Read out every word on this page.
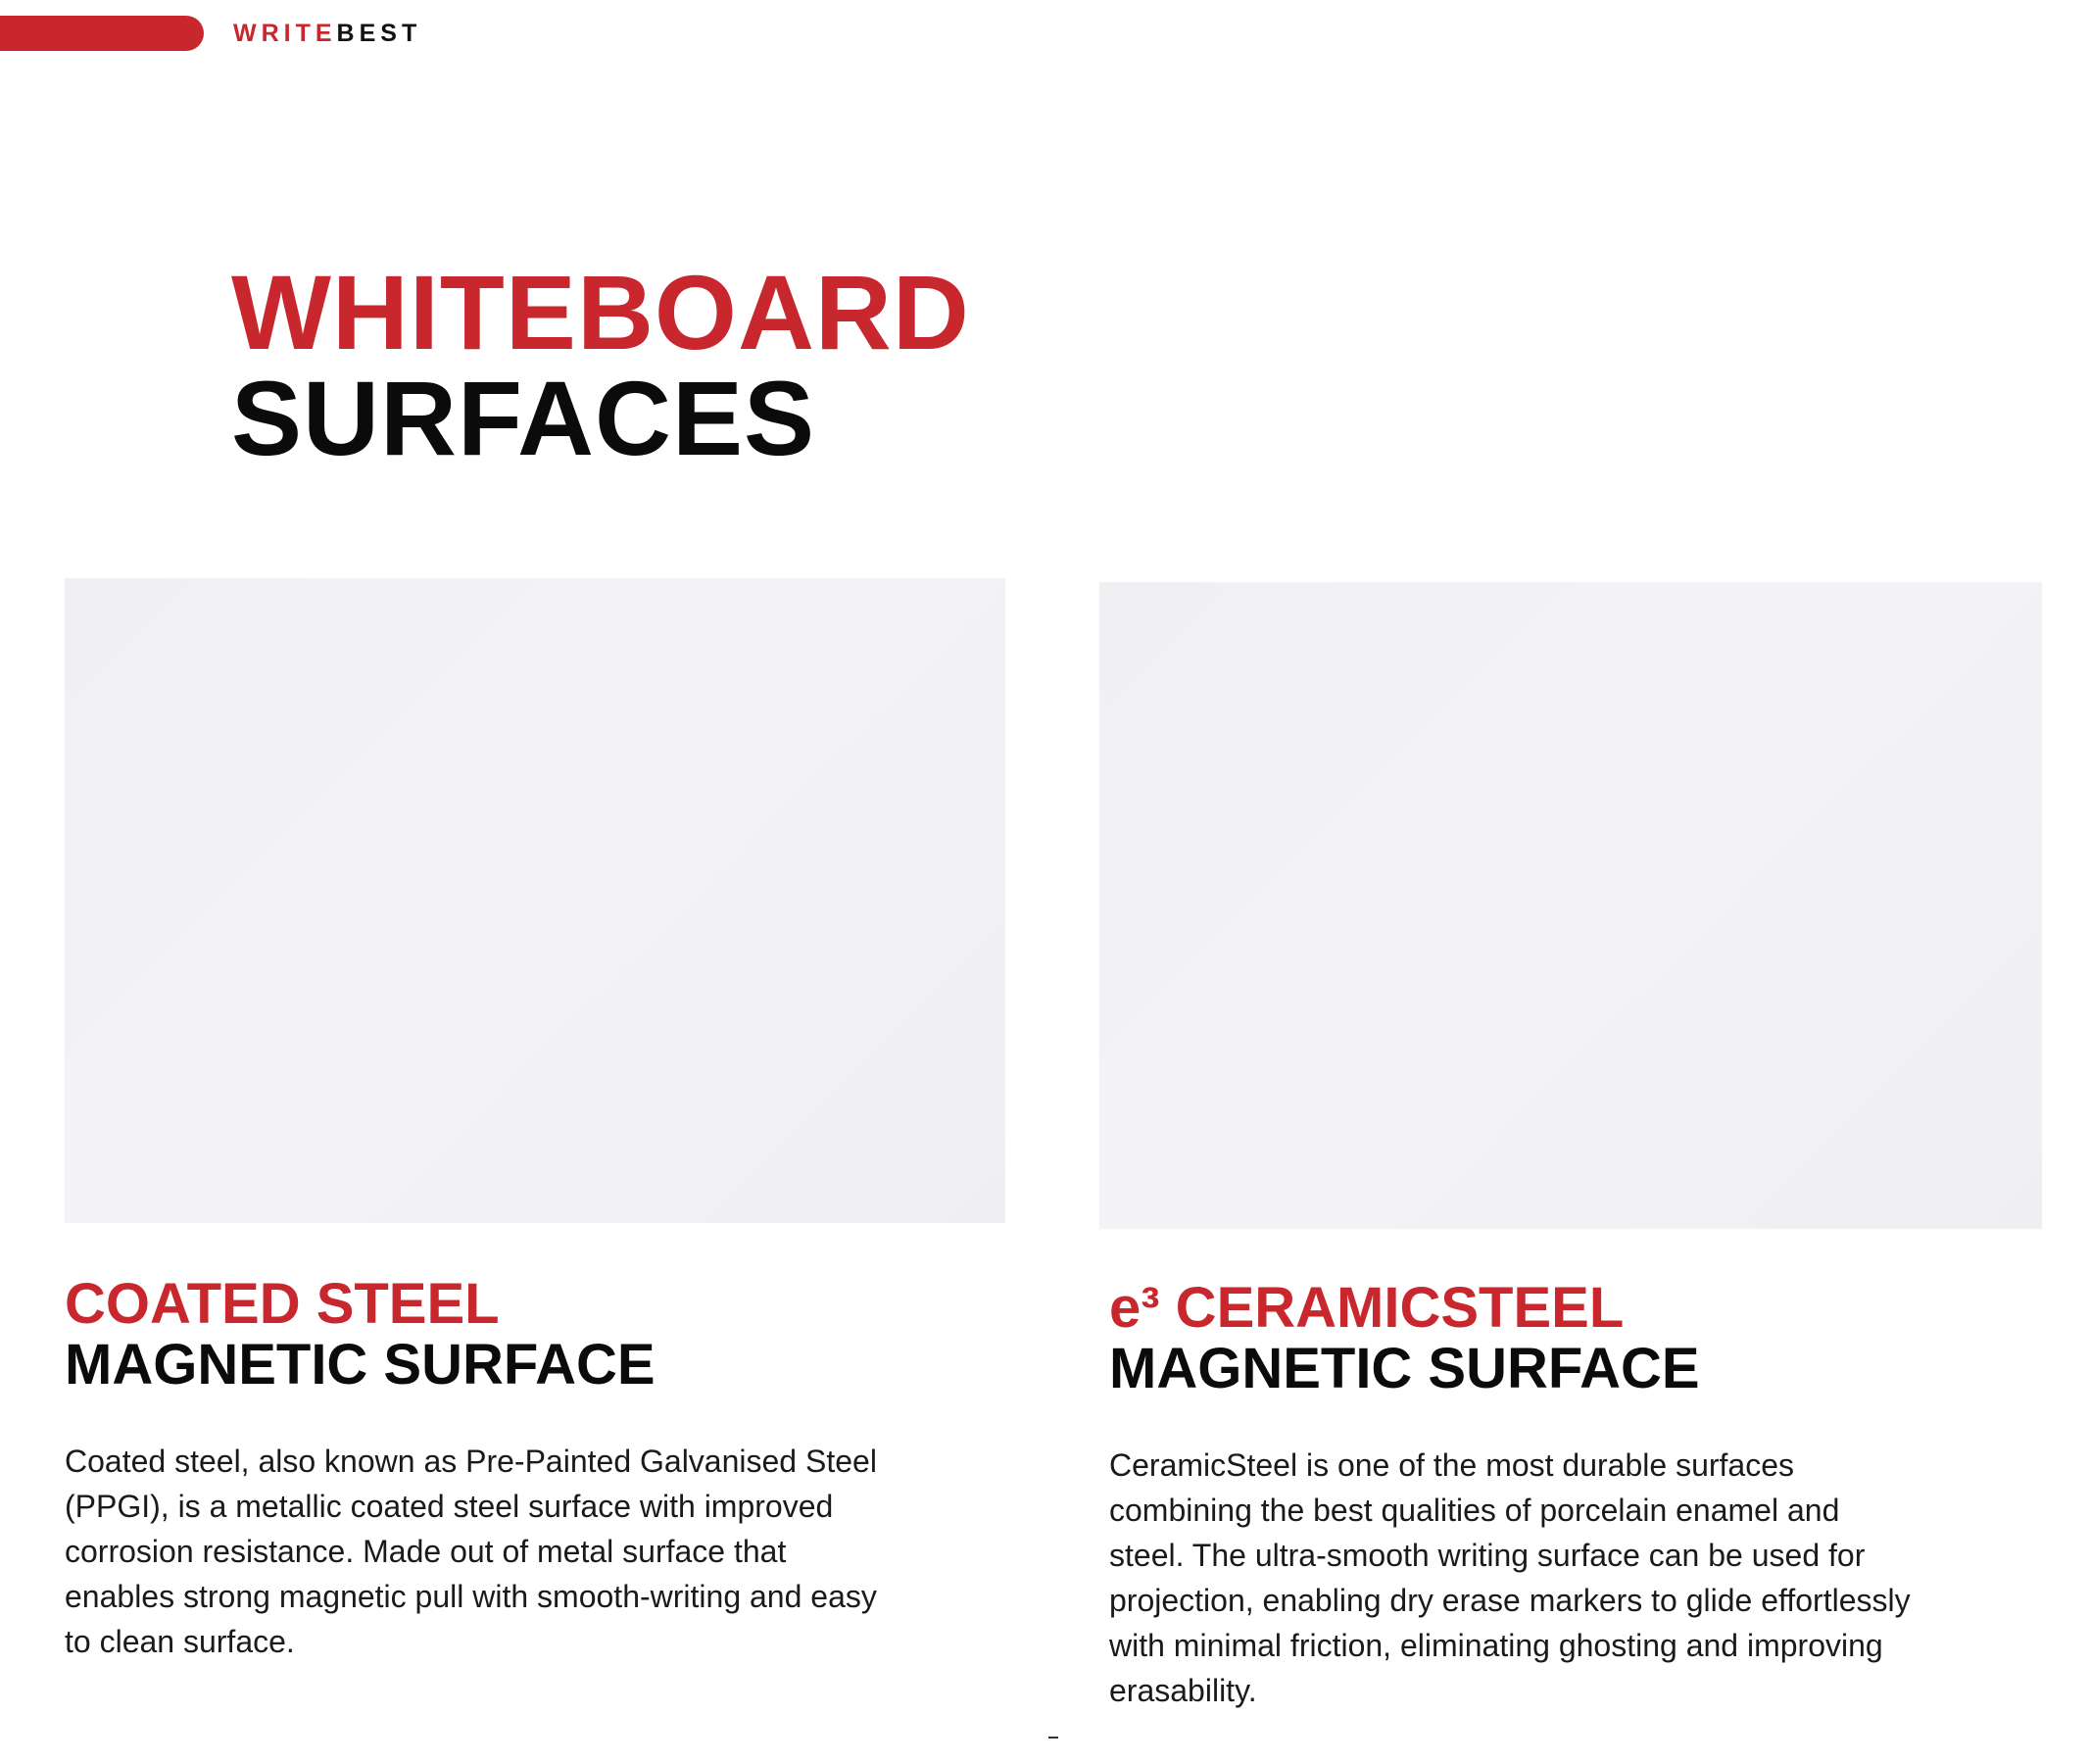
WRITEBEST
WHITEBOARD
SURFACES
COATED STEEL
MAGNETIC SURFACE

Coated steel, also known as Pre-Painted Galvanised Steel (PPGI), is a metallic coated steel surface with improved corrosion resistance. Made out of metal surface that enables strong magnetic pull with smooth-writing and easy to clean surface.

e³ CERAMICSTEEL
MAGNETIC SURFACE

CeramicSteel is one of the most durable surfaces combining the best qualities of porcelain enamel and steel. The ultra-smooth writing surface can be used for projection, enabling dry erase markers to glide effortlessly with minimal friction, eliminating ghosting and improving erasability.
